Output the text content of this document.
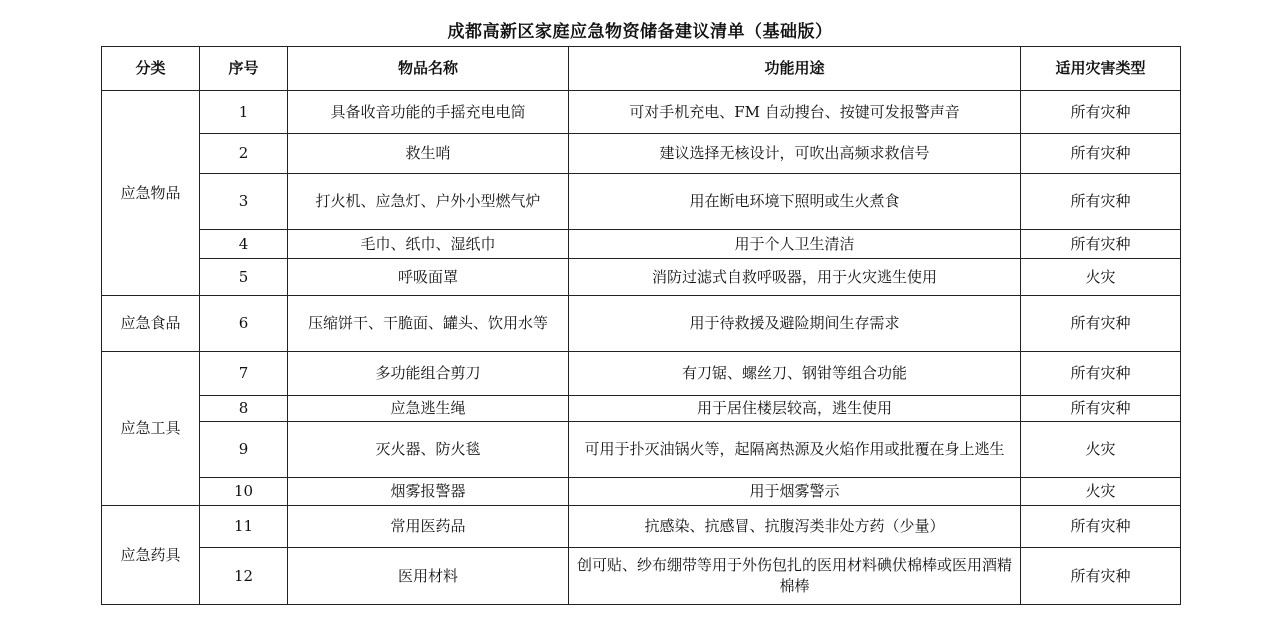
成都高新区家庭应急物资储备建议清单（基础版）
分类	序号	物品名称	功能用途	适用灾害类型
应急物品	1	具备收音功能的手摇充电电筒	可对手机充电、FM 自动搜台、按键可发报警声音	所有灾种
	2	救生哨	建议选择无核设计，可吹出高频求救信号	所有灾种
	3	打火机、应急灯、户外小型燃气炉	用在断电环境下照明或生火煮食	所有灾种
	4	毛巾、纸巾、湿纸巾	用于个人卫生清洁	所有灾种
	5	呼吸面罩	消防过滤式自救呼吸器，用于火灾逃生使用	火灾
应急食品	6	压缩饼干、干脆面、罐头、饮用水等	用于待救援及避险期间生存需求	所有灾种
应急工具	7	多功能组合剪刀	有刀锯、螺丝刀、钢钳等组合功能	所有灾种
	8	应急逃生绳	用于居住楼层较高，逃生使用	所有灾种
	9	灭火器、防火毯	可用于扑灭油锅火等，起隔离热源及火焰作用或批覆在身上逃生	火灾
	10	烟雾报警器	用于烟雾警示	火灾
应急药具	11	常用医药品	抗感染、抗感冒、抗腹泻类非处方药（少量）	所有灾种
	12	医用材料	创可贴、纱布绷带等用于外伤包扎的医用材料碘伏棉棒或医用酒精棉棒	所有灾种
